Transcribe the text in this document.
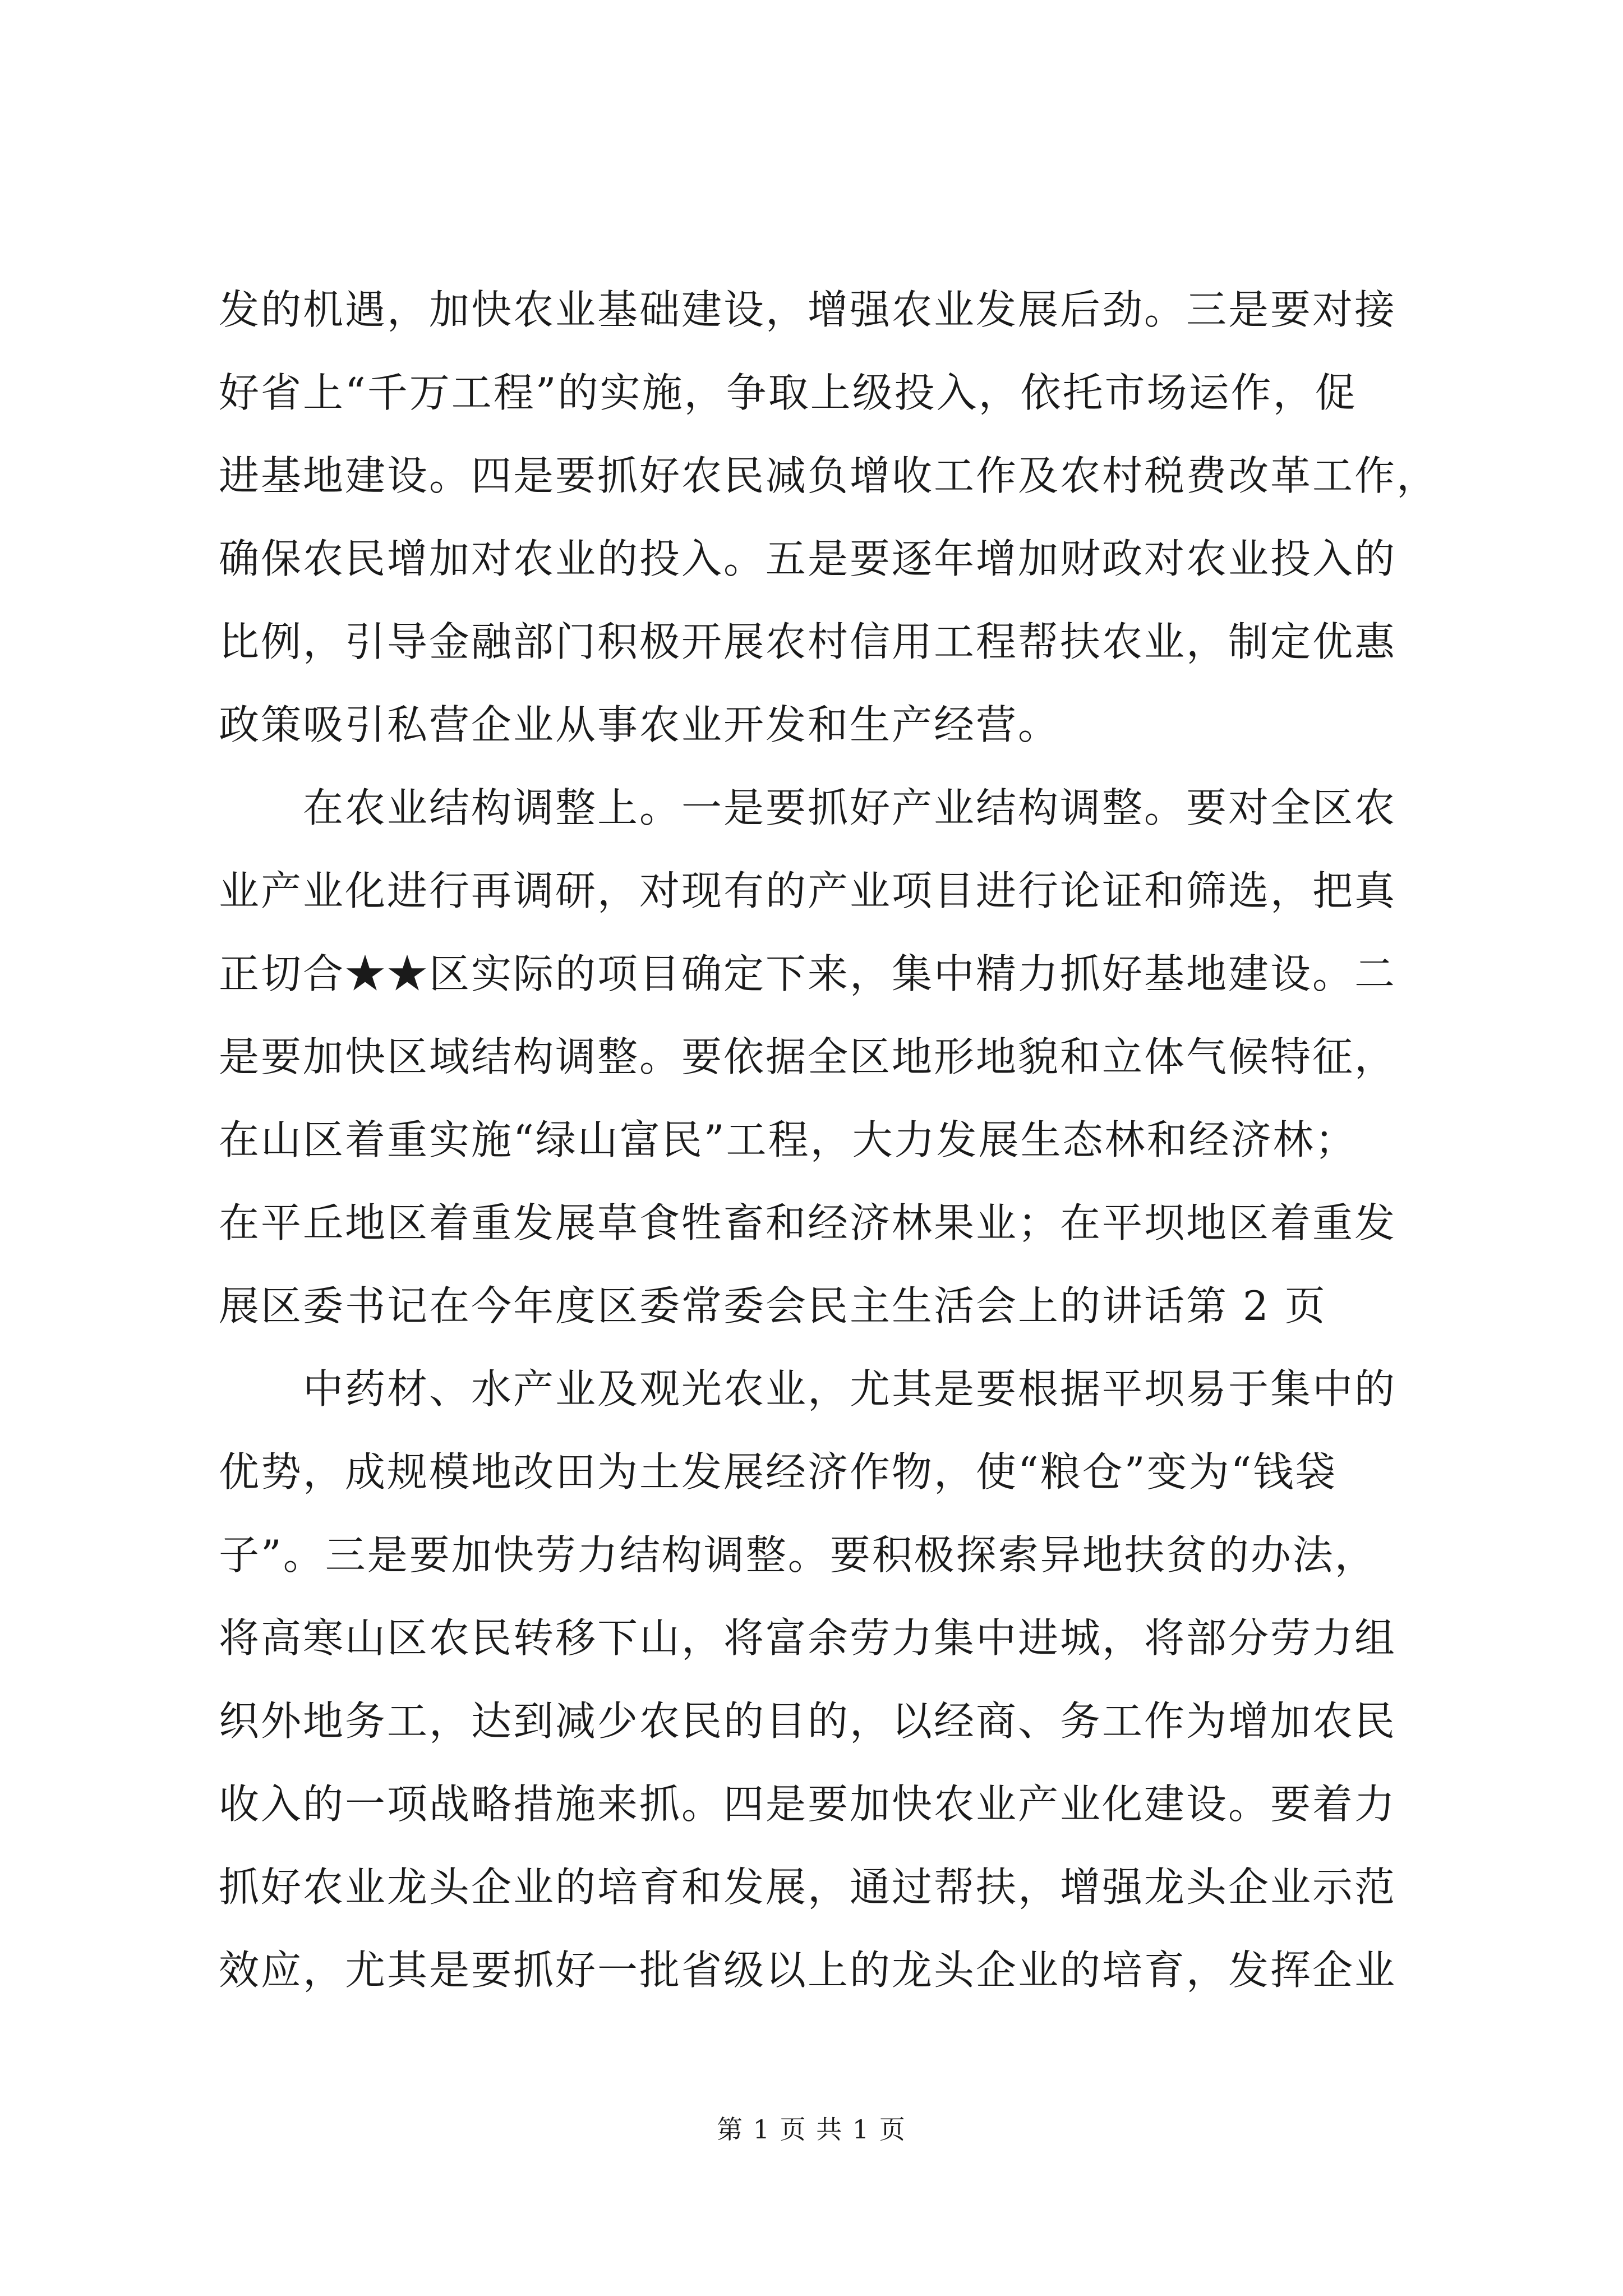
发的机遇，加快农业基础建设，增强农业发展后劲。三是要对接
好省上“千万工程”的实施，争取上级投入，依托市场运作，促
进基地建设。四是要抓好农民减负增收工作及农村税费改革工作，
确保农民增加对农业的投入。五是要逐年增加财政对农业投入的
比例，引导金融部门积极开展农村信用工程帮扶农业，制定优惠
政策吸引私营企业从事农业开发和生产经营。
在农业结构调整上。一是要抓好产业结构调整。要对全区农
业产业化进行再调研，对现有的产业项目进行论证和筛选，把真
正切合★★区实际的项目确定下来，集中精力抓好基地建设。二
是要加快区域结构调整。要依据全区地形地貌和立体气候特征，
在山区着重实施“绿山富民”工程，大力发展生态林和经济林；
在平丘地区着重发展草食牲畜和经济林果业；在平坝地区着重发
展区委书记在今年度区委常委会民主生活会上的讲话第 2 页
中药材、水产业及观光农业，尤其是要根据平坝易于集中的
优势，成规模地改田为土发展经济作物，使“粮仓”变为“钱袋
子”。三是要加快劳力结构调整。要积极探索异地扶贫的办法，
将高寒山区农民转移下山，将富余劳力集中进城，将部分劳力组
织外地务工，达到减少农民的目的，以经商、务工作为增加农民
收入的一项战略措施来抓。四是要加快农业产业化建设。要着力
抓好农业龙头企业的培育和发展，通过帮扶，增强龙头企业示范
效应，尤其是要抓好一批省级以上的龙头企业的培育，发挥企业
第 1 页 共 1 页
